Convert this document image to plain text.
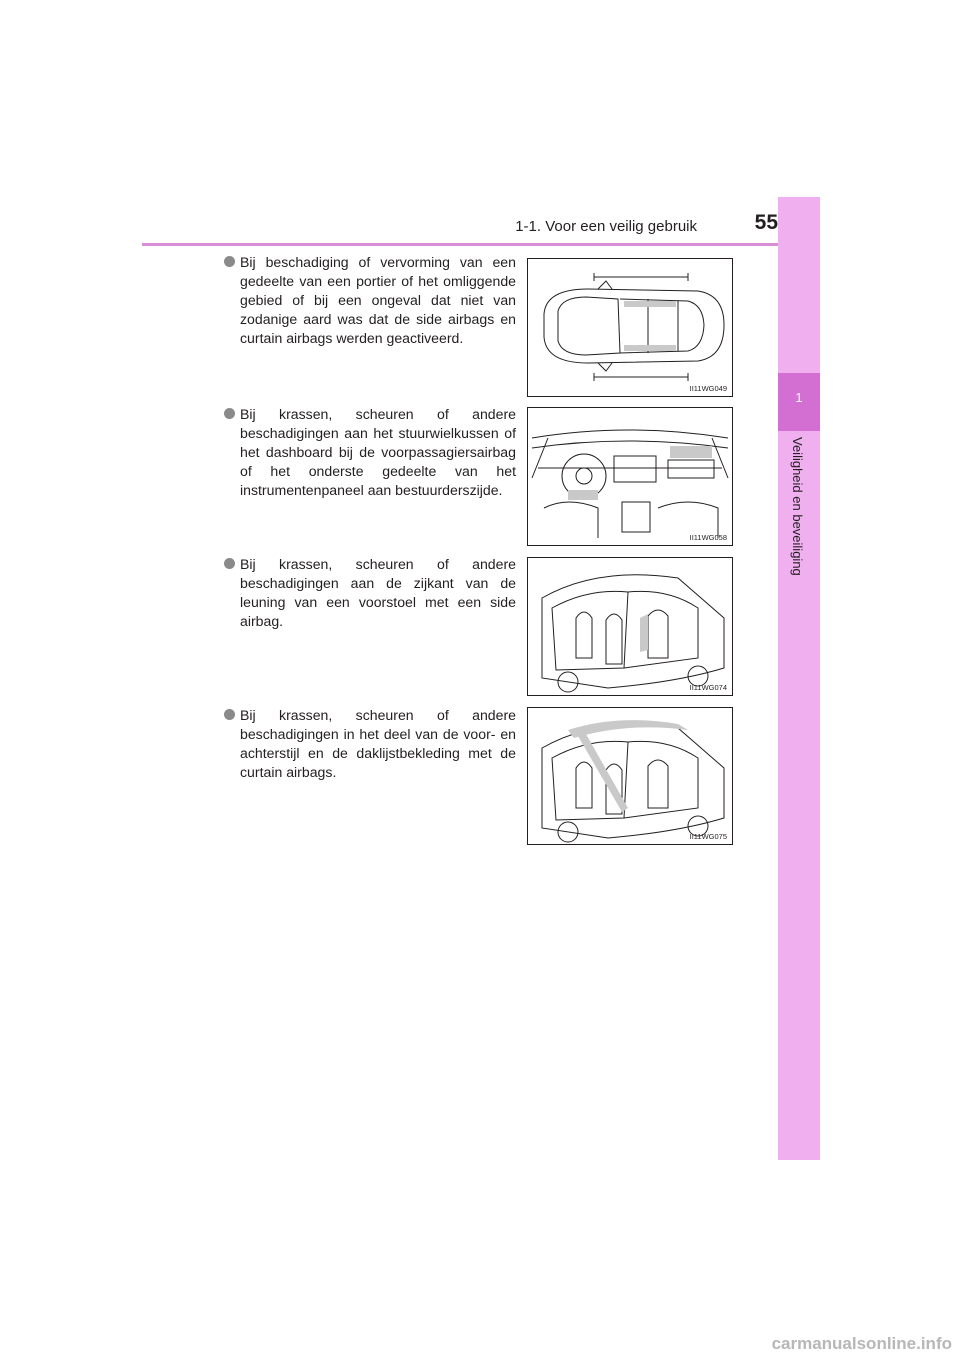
1-1. Voor een veilig gebruik	55
1
Veiligheid en beveiliging
Bij beschadiging of vervorming van een gedeelte van een portier of het omliggende gebied of bij een ongeval dat niet van zodanige aard was dat de side airbags en curtain airbags werden geactiveerd.
II11WG049
Bij krassen, scheuren of andere beschadigingen aan het stuurwielkussen of het dashboard bij de voorpassagiersairbag of het onderste gedeelte van het instrumentenpaneel aan bestuurderszijde.
II11WG058
Bij krassen, scheuren of andere beschadigingen aan de zijkant van de leuning van een voorstoel met een side airbag.
II11WG074
Bij krassen, scheuren of andere beschadigingen in het deel van de voor- en achterstijl en de daklijstbekleding met de curtain airbags.
II11WG075
carmanualsonline.info
